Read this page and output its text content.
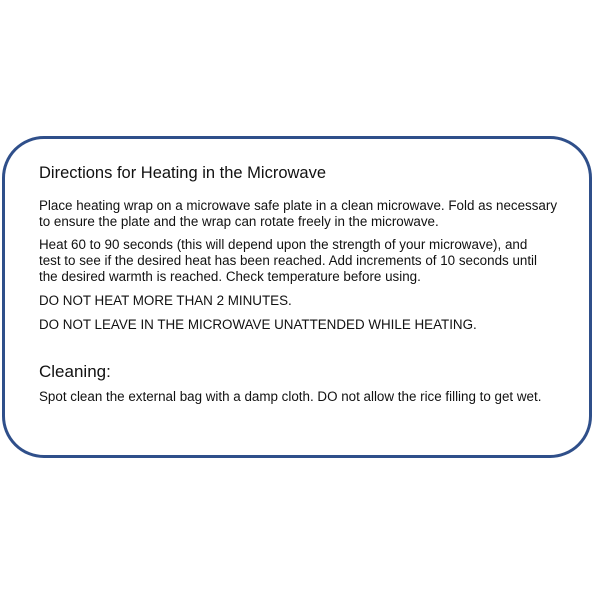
Directions for Heating in the Microwave

Place heating wrap on a microwave safe plate in a clean microwave. Fold as necessary

to ensure the plate and the wrap can rotate freely in the microwave.

Heat 60 to 90 seconds (this will depend upon the strength of your microwave), and

test to see if the desired heat has been reached. Add increments of 10 seconds until

the desired warmth is reached. Check temperature before using.

DO NOT HEAT MORE THAN 2 MINUTES.

DO NOT LEAVE IN THE MICROWAVE UNATTENDED WHILE HEATING.

Cleaning:

Spot clean the external bag with a damp cloth. DO not allow the rice filling to get wet.
